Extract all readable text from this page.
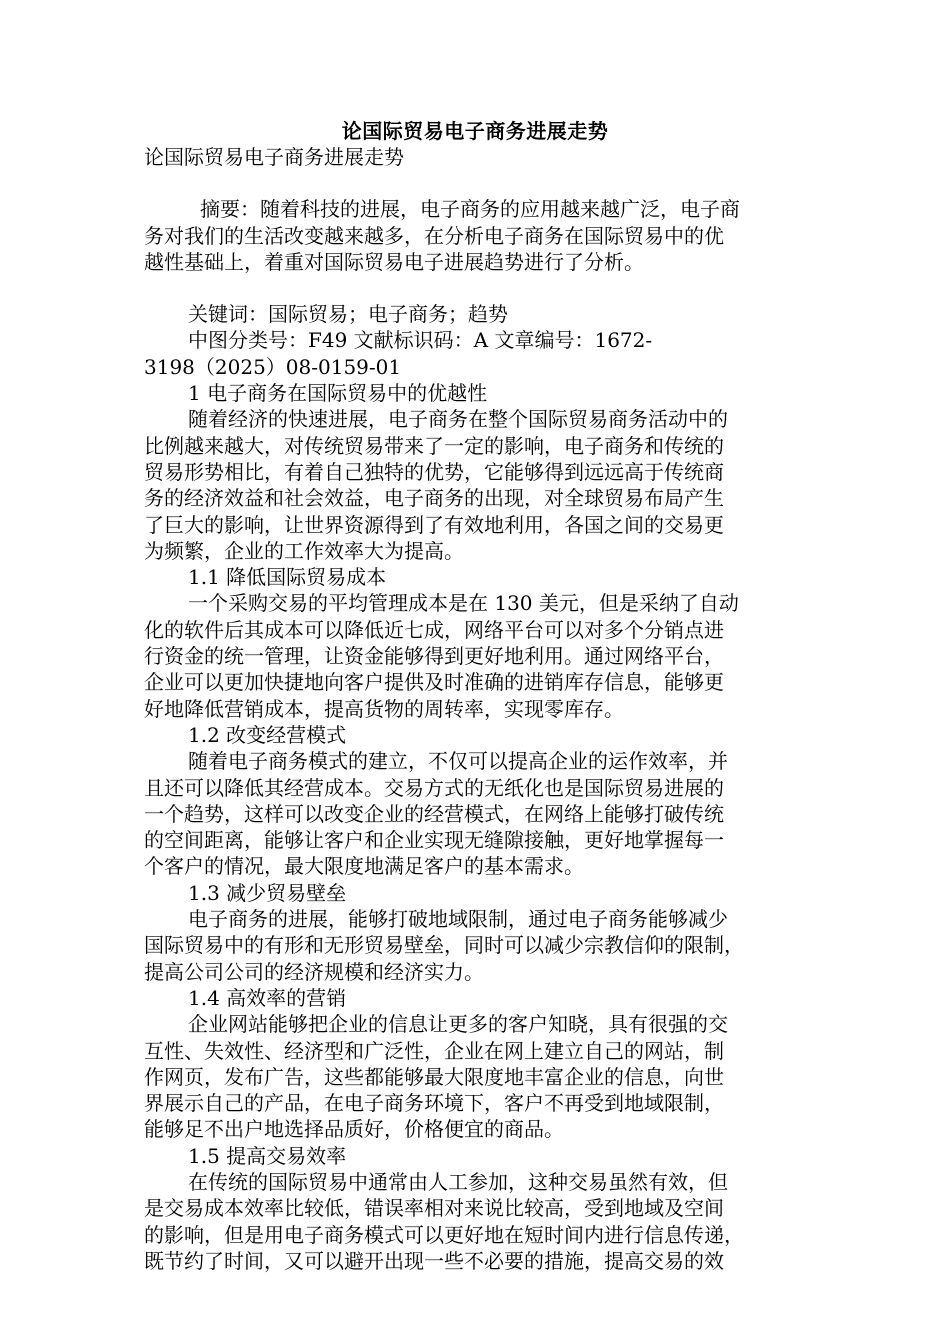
论国际贸易电子商务进展走势

论国际贸易电子商务进展走势

摘要：随着科技的进展，电子商务的应用越来越广泛，电子商

务对我们的生活改变越来越多，在分析电子商务在国际贸易中的优

越性基础上，着重对国际贸易电子进展趋势进行了分析。

关键词：国际贸易；电子商务；趋势

中图分类号：F49 文献标识码：A 文章编号：1672-

3198（2025）08-0159-01

1 电子商务在国际贸易中的优越性

随着经济的快速进展，电子商务在整个国际贸易商务活动中的

比例越来越大，对传统贸易带来了一定的影响，电子商务和传统的

贸易形势相比，有着自己独特的优势，它能够得到远远高于传统商

务的经济效益和社会效益，电子商务的出现，对全球贸易布局产生

了巨大的影响，让世界资源得到了有效地利用，各国之间的交易更

为频繁，企业的工作效率大为提高。

1.1 降低国际贸易成本

一个采购交易的平均管理成本是在 130 美元，但是采纳了自动

化的软件后其成本可以降低近七成，网络平台可以对多个分销点进

行资金的统一管理，让资金能够得到更好地利用。通过网络平台，

企业可以更加快捷地向客户提供及时准确的进销库存信息，能够更

好地降低营销成本，提高货物的周转率，实现零库存。

1.2 改变经营模式

随着电子商务模式的建立，不仅可以提高企业的运作效率，并

且还可以降低其经营成本。交易方式的无纸化也是国际贸易进展的

一个趋势，这样可以改变企业的经营模式，在网络上能够打破传统

的空间距离，能够让客户和企业实现无缝隙接触，更好地掌握每一

个客户的情况，最大限度地满足客户的基本需求。

1.3 减少贸易壁垒

电子商务的进展，能够打破地域限制，通过电子商务能够减少

国际贸易中的有形和无形贸易壁垒，同时可以减少宗教信仰的限制，

提高公司公司的经济规模和经济实力。

1.4 高效率的营销

企业网站能够把企业的信息让更多的客户知晓，具有很强的交

互性、失效性、经济型和广泛性，企业在网上建立自己的网站，制

作网页，发布广告，这些都能够最大限度地丰富企业的信息，向世

界展示自己的产品，在电子商务环境下，客户不再受到地域限制，

能够足不出户地选择品质好，价格便宜的商品。

1.5 提高交易效率

在传统的国际贸易中通常由人工参加，这种交易虽然有效，但

是交易成本效率比较低，错误率相对来说比较高，受到地域及空间

的影响，但是用电子商务模式可以更好地在短时间内进行信息传递，

既节约了时间，又可以避开出现一些不必要的措施，提高交易的效
